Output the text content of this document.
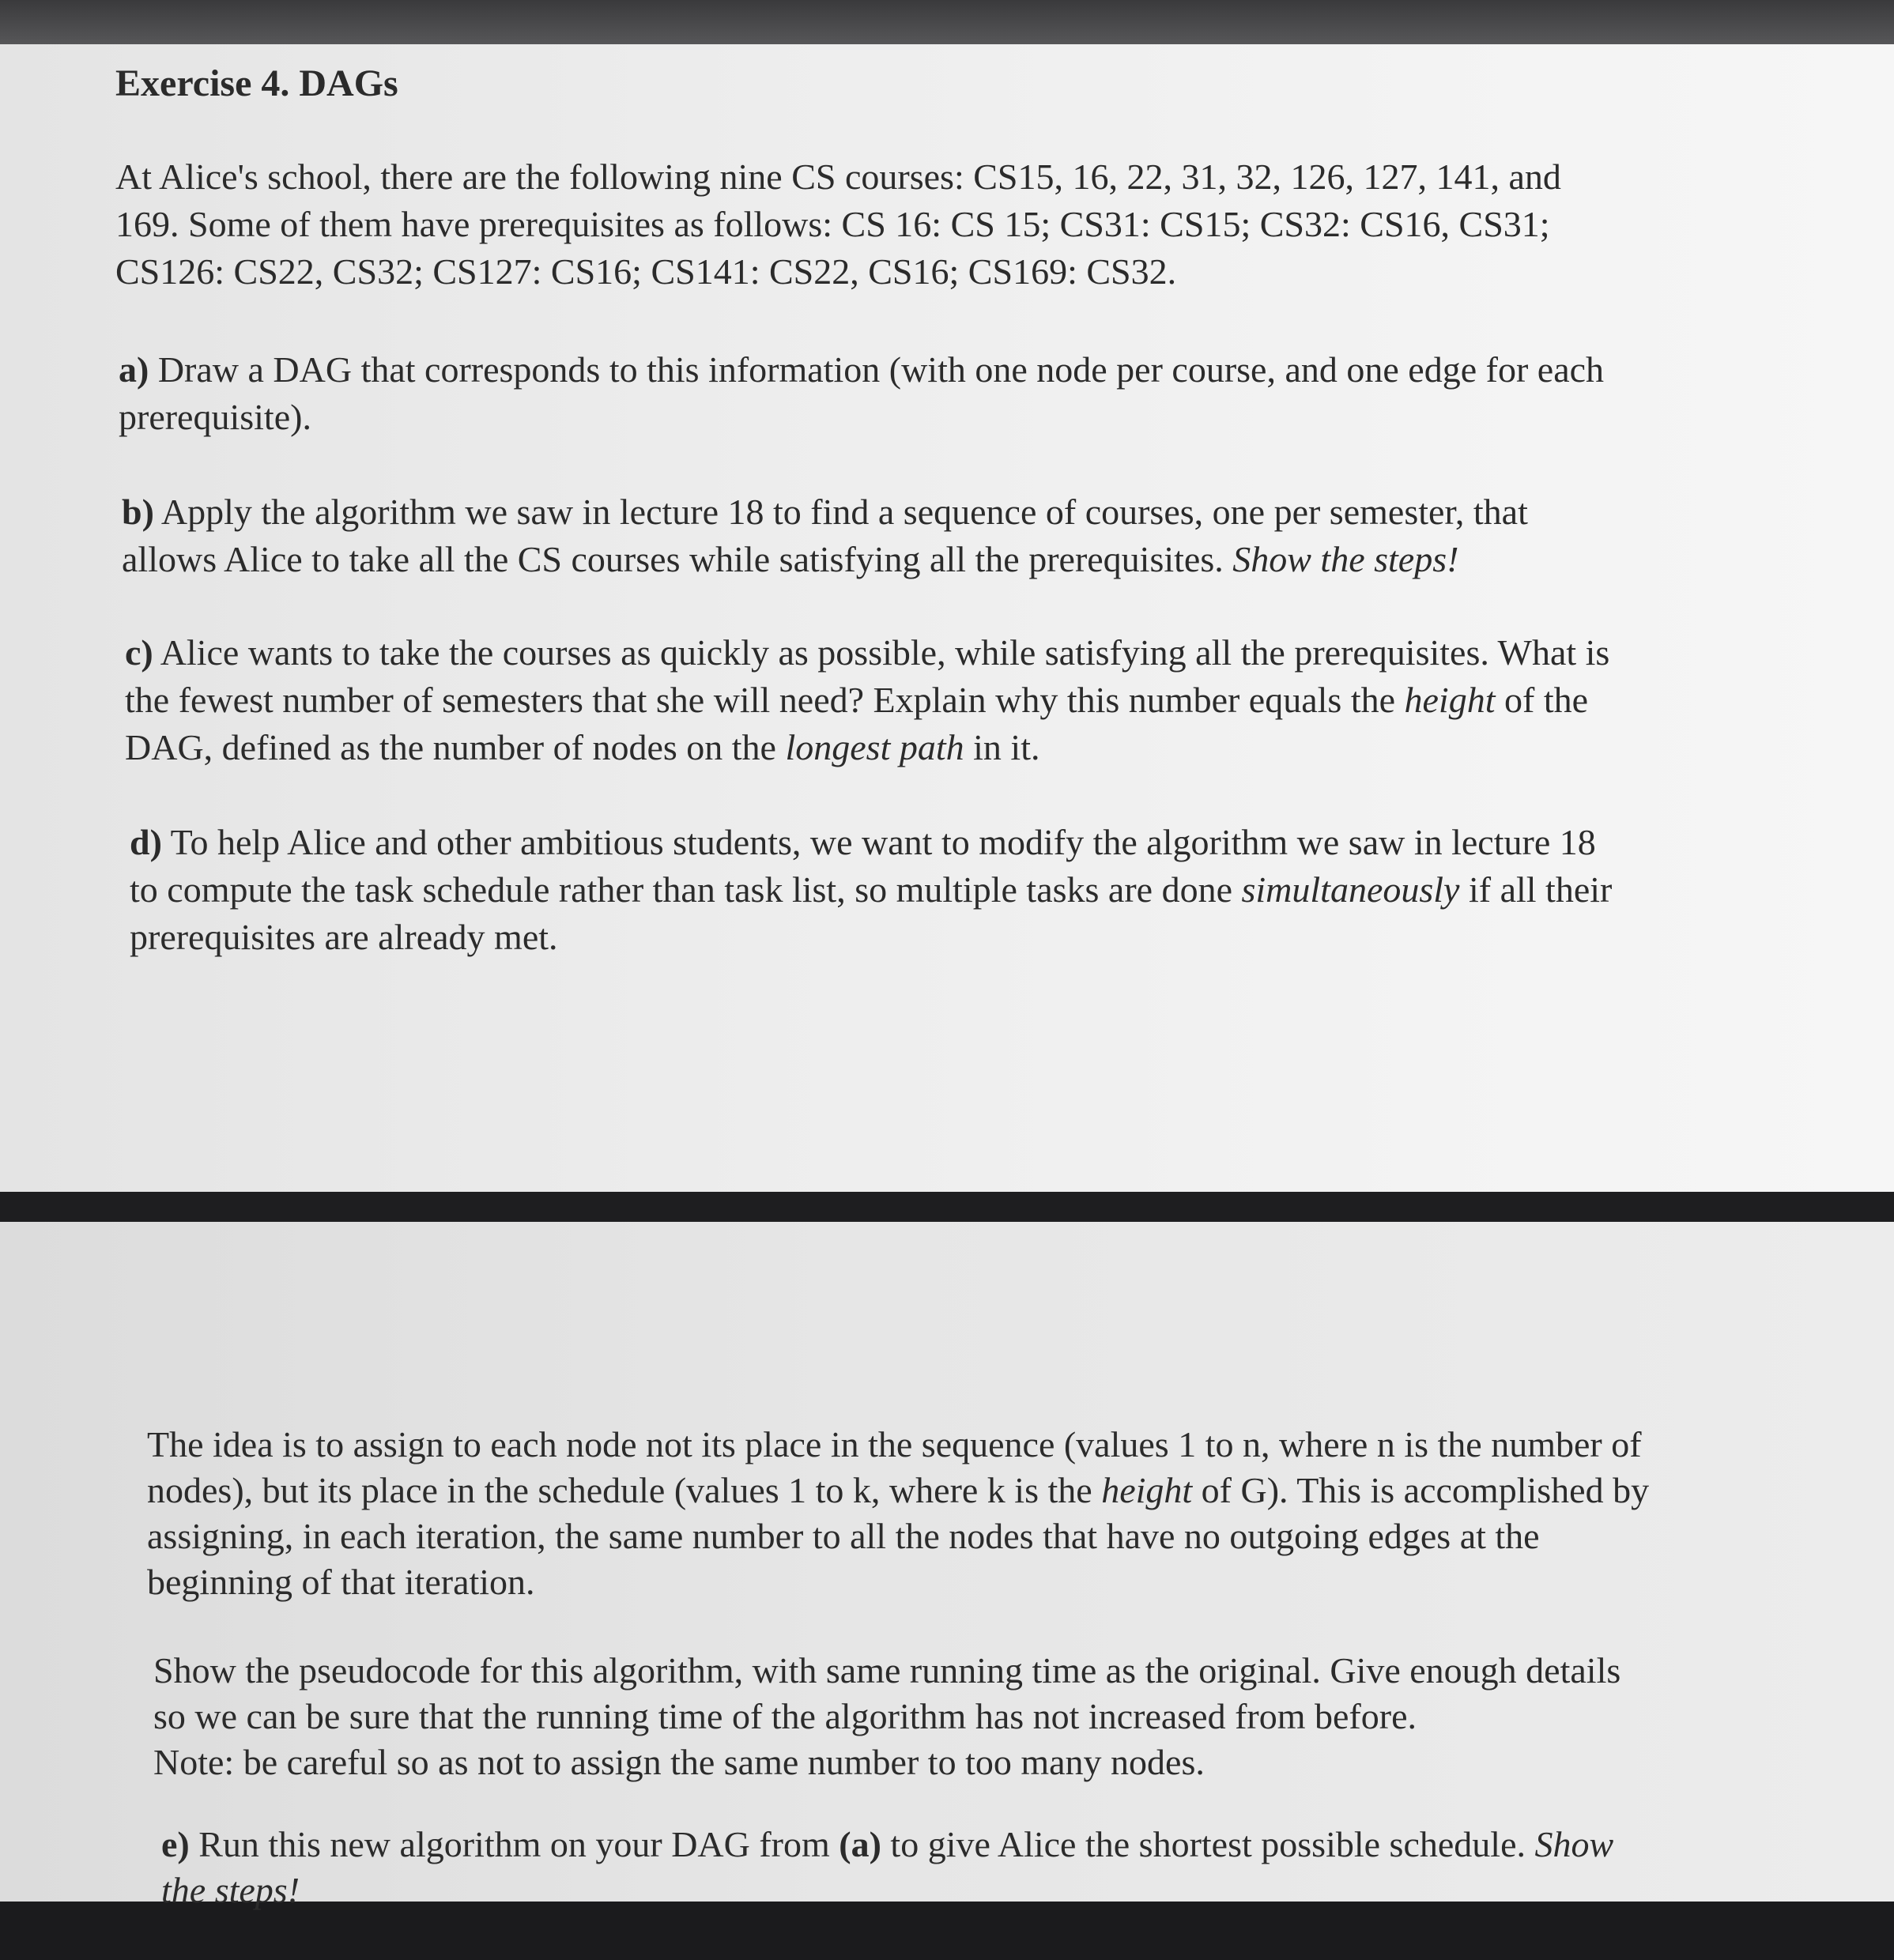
Exercise 4. DAGs

At Alice's school, there are the following nine CS courses: CS15, 16, 22, 31, 32, 126, 127, 141, and

169. Some of them have prerequisites as follows: CS 16: CS 15; CS31: CS15; CS32: CS16, CS31;

CS126: CS22, CS32; CS127: CS16; CS141: CS22, CS16; CS169: CS32.

a) Draw a DAG that corresponds to this information (with one node per course, and one edge for each

prerequisite).

b) Apply the algorithm we saw in lecture 18 to find a sequence of courses, one per semester, that

allows Alice to take all the CS courses while satisfying all the prerequisites. Show the steps!

c) Alice wants to take the courses as quickly as possible, while satisfying all the prerequisites. What is

the fewest number of semesters that she will need? Explain why this number equals the height of the

DAG, defined as the number of nodes on the longest path in it.

d) To help Alice and other ambitious students, we want to modify the algorithm we saw in lecture 18

to compute the task schedule rather than task list, so multiple tasks are done simultaneously if all their

prerequisites are already met.

The idea is to assign to each node not its place in the sequence (values 1 to n, where n is the number of

nodes), but its place in the schedule (values 1 to k, where k is the height of G). This is accomplished by

assigning, in each iteration, the same number to all the nodes that have no outgoing edges at the

beginning of that iteration.

Show the pseudocode for this algorithm, with same running time as the original. Give enough details

so we can be sure that the running time of the algorithm has not increased from before.

Note: be careful so as not to assign the same number to too many nodes.

e) Run this new algorithm on your DAG from (a) to give Alice the shortest possible schedule. Show

the steps!
